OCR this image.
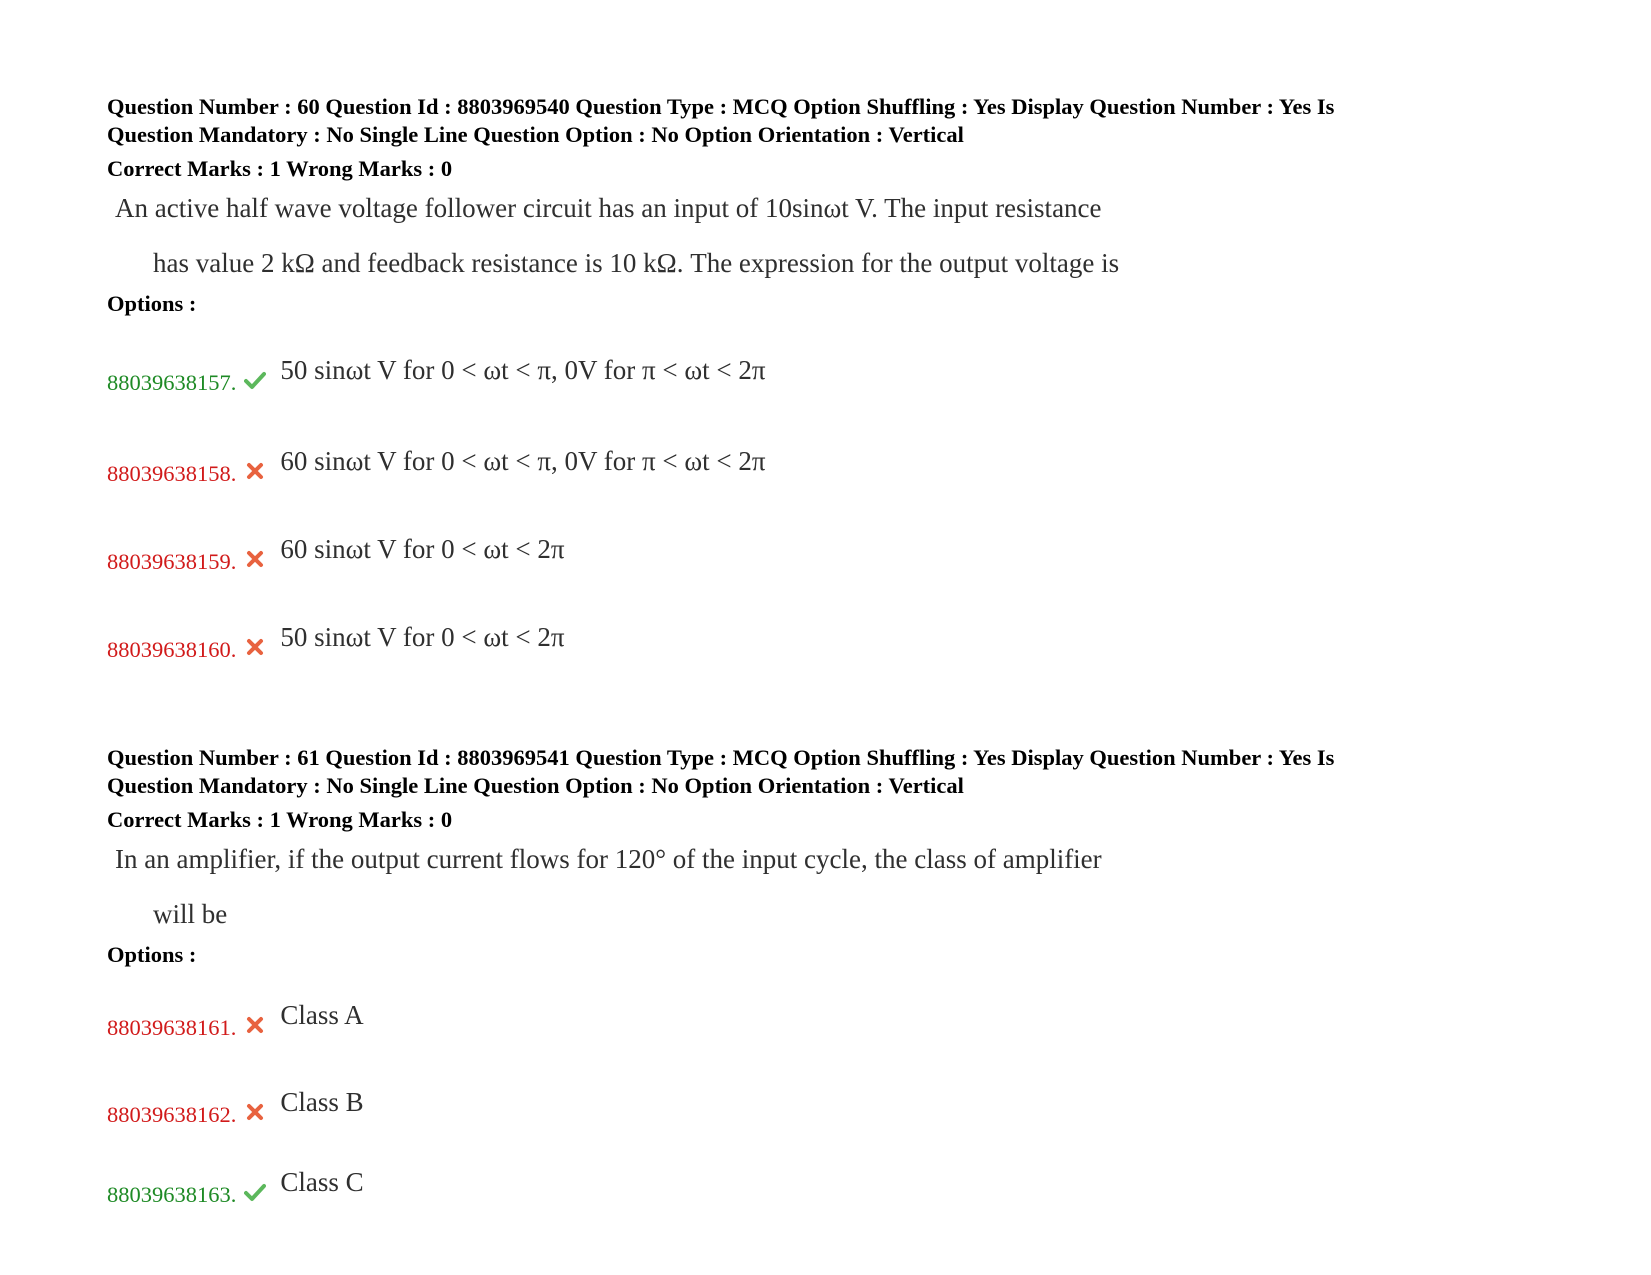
Question Number : 60 Question Id : 8803969540 Question Type : MCQ Option Shuffling : Yes Display Question Number : Yes Is

Question Mandatory : No Single Line Question Option : No Option Orientation : Vertical

Correct Marks : 1 Wrong Marks : 0
An active half wave voltage follower circuit has an input of 10sinωt V. The input resistance
has value 2 kΩ and feedback resistance is 10 kΩ. The expression for the output voltage is
Options :
88039638157. 50 sinωt V for 0 < ωt < π, 0V for π < ωt < 2π
88039638158. 60 sinωt V for 0 < ωt < π, 0V for π < ωt < 2π
88039638159. 60 sinωt V for 0 < ωt < 2π
88039638160. 50 sinωt V for 0 < ωt < 2π

Question Number : 61 Question Id : 8803969541 Question Type : MCQ Option Shuffling : Yes Display Question Number : Yes Is

Question Mandatory : No Single Line Question Option : No Option Orientation : Vertical

Correct Marks : 1 Wrong Marks : 0
In an amplifier, if the output current flows for 120° of the input cycle, the class of amplifier
will be
Options :
88039638161. Class A
88039638162. Class B
88039638163. Class C
